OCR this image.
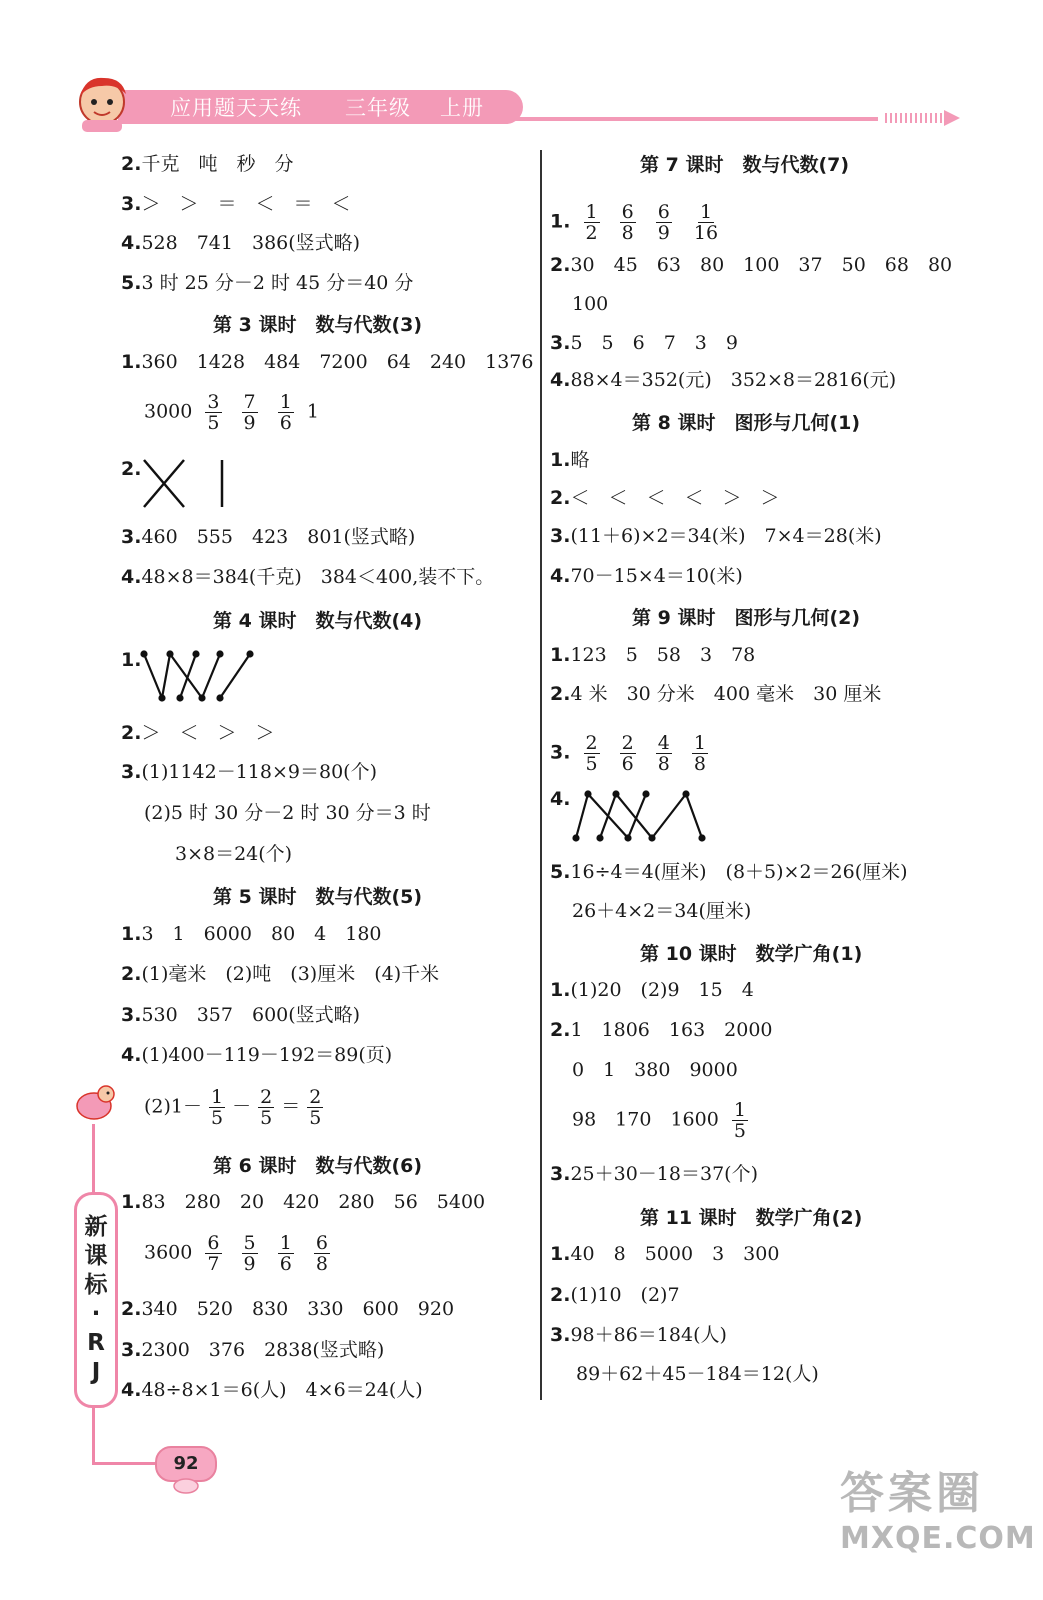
应用题天天练 三年级 上册
2.千克　吨　秒　分
3.＞　＞　＝　＜　＝　＜
4.528　741　386(竖式略)
5.3 时 25 分－2 时 45 分＝40 分
第 3 课时　数与代数(3)
1.360　1428　484　7200　64　240　1376
$3000 \frac{3}{5}$
$\frac{7}{9}$
$\frac{1}{6} 1$
2.
3.460　555　423　801(竖式略)
4.48×8＝384(千克)　384＜400,装不下。
第 4 课时　数与代数(4)
1.
2.＞　＜　＞　＞
3.(1)1142－118×9＝80(个)
(2)5 时 30 分－2 时 30 分＝3 时
3×8＝24(个)
第 5 课时　数与代数(5)
1.3　1　6000　80　4　180
2.(1)毫米　(2)吨　(3)厘米　(4)千米
3.530　357　600(竖式略)
4.(1)400－119－192＝89(页)
$(2)1- \frac{1}{5} - \frac{2}{5} = \frac{2}{5}$
第 6 课时　数与代数(6)
1.83　280　20　420　280　56　5400
$3600 \frac{6}{7}$
$\frac{5}{9}$
$\frac{1}{6}$
$\frac{6}{8}$
2.340　520　830　330　600　920
3.2300　376　2838(竖式略)
4.48÷8×1＝6(人)　4×6＝24(人)
第 7 课时　数与代数(7)
1. $\frac{1}{2}$
$\frac{6}{8}$
$\frac{6}{9}$
$\frac{1}{16}$
2.30　45　63　80　100　37　50　68　80
100
3.5　5　6　7　3　9
4.88×4＝352(元)　352×8＝2816(元)
第 8 课时　图形与几何(1)
1.略
2.＜　＜　＜　＜　＞　＞
3.(11＋6)×2＝34(米)　7×4＝28(米)
4.70－15×4＝10(米)
第 9 课时　图形与几何(2)
1.123　5　58　3　78
2.4 米　30 分米　400 毫米　30 厘米
3. $\frac{2}{5}$
$\frac{2}{6}$
$\frac{4}{8}$
$\frac{1}{8}$
4.
5.16÷4＝4(厘米)　(8＋5)×2＝26(厘米)
26＋4×2＝34(厘米)
第 10 课时　数学广角(1)
1.(1)20　(2)9　15　4
2.1　1806　163　2000
0　1　380　9000
98　170　$1600 \frac{1}{5}$
3.25＋30－18＝37(个)
第 11 课时　数学广角(2)
1.40　8　5000　3　300
2.(1)10　(2)7
3.98＋86＝184(人)
89＋62＋45－184＝12(人)
新
课
标
·
R
J
92
答案圈
MXQE.COM
